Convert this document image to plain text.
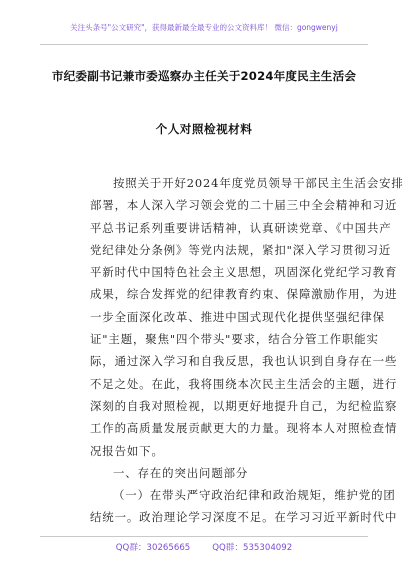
关注头条号"公文研究"，获得最新最全最专业的公文资料库！ 微信：gongwenyj
市纪委副书记兼市委巡察办主任关于2024年度民主生活会
个人对照检视材料
按照关于开好2024年度党员领导干部民主生活会安排
部署，本人深入学习领会党的二十届三中全会精神和习近
平总书记系列重要讲话精神，认真研读党章、《中国共产
党纪律处分条例》等党内法规，紧扣"深入学习贯彻习近
平新时代中国特色社会主义思想，巩固深化党纪学习教育
成果，综合发挥党的纪律教育约束、保障激励作用，为进
一步全面深化改革、推进中国式现代化提供坚强纪律保
证"主题，聚焦"四个带头"要求，结合分管工作职能实
际，通过深入学习和自我反思，我也认识到自身存在一些
不足之处。在此，我将围绕本次民主生活会的主题，进行
深刻的自我对照检视，以期更好地提升自己，为纪检监察
工作的高质量发展贡献更大的力量。现将本人对照检查情
况报告如下。
一、存在的突出问题部分
（一）在带头严守政治纪律和政治规矩，维护党的团
结统一。政治理论学习深度不足。在学习习近平新时代中
QQ群：30265665	QQ群：535304092
